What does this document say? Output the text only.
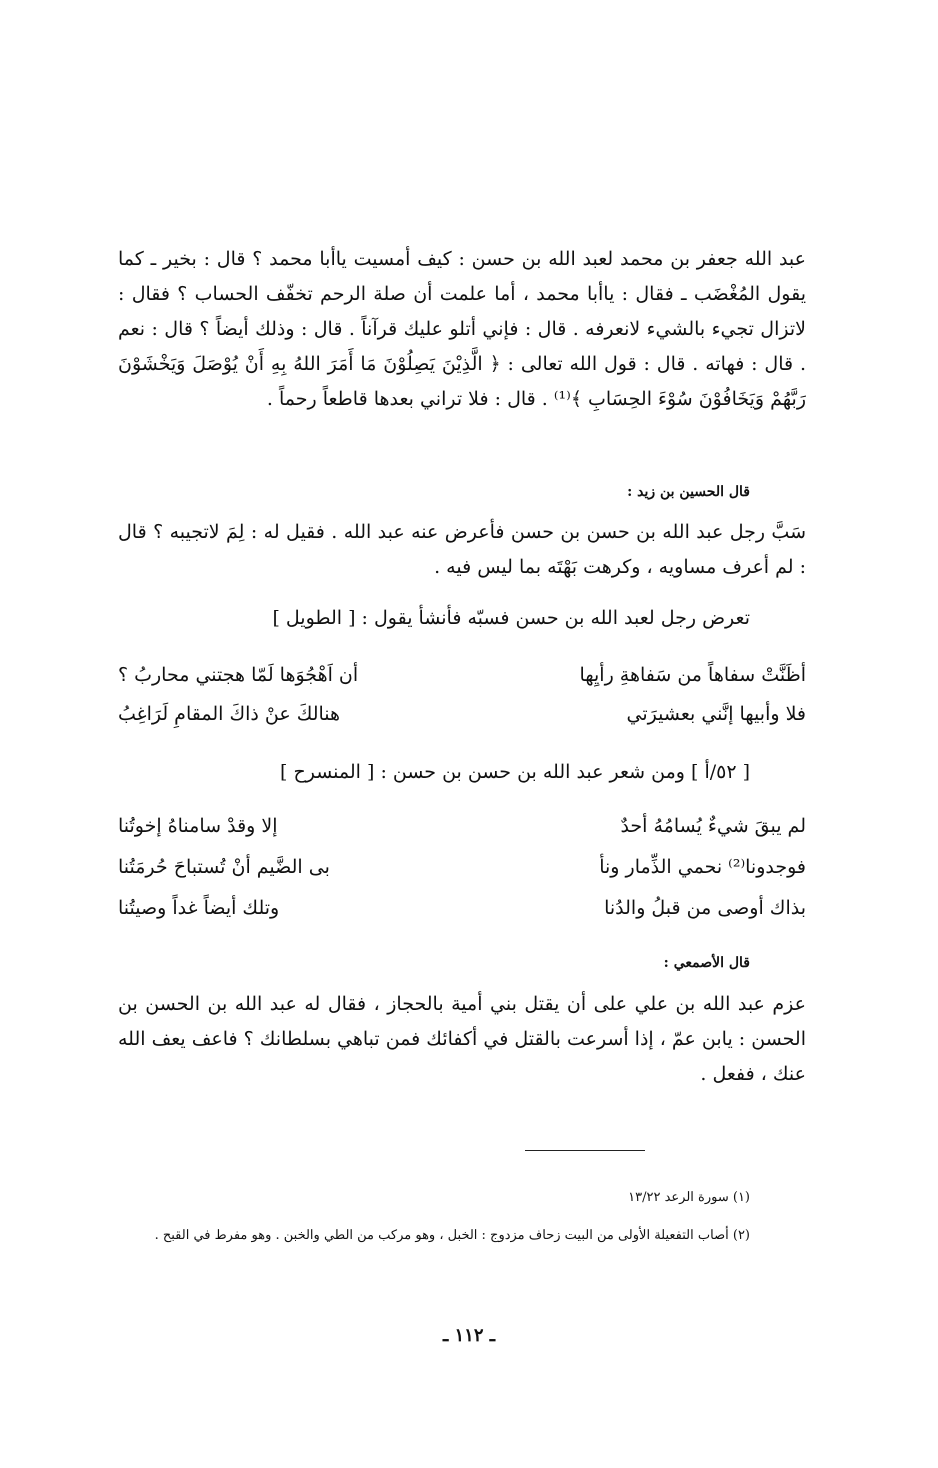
عبد الله جعفر بن محمد لعبد الله بن حسن : كيف أمسيت ياأبا محمد ؟ قال : بخير ـ كما يقول المُغْضَب ـ فقال : ياأبا محمد ، أما علمت أن صلة الرحم تخفّف الحساب ؟ فقال : لاتزال تجيء بالشيء لانعرفه . قال : فإني أتلو عليك قرآناً . قال : وذلك أيضاً ؟ قال : نعم . قال : فهاته . قال : قول الله تعالى : ﴿ الَّذِيْنَ يَصِلُوْنَ مَا أَمَرَ اللهُ بِهِ أَنْ يُوْصَلَ وَيَخْشَوْنَ رَبَّهُمْ وَيَخَافُوْنَ سُوْءَ الحِسَابِ ﴾⁽¹⁾ . قال : فلا تراني بعدها قاطعاً رحماً .

قال الحسين بن زيد :

سَبَّ رجل عبد الله بن حسن بن حسن فأعرض عنه عبد الله . فقيل له : لِمَ لاتجيبه ؟ قال : لم أعرف مساويه ، وكرهت بَهْتَه بما ليس فيه .

تعرض رجل لعبد الله بن حسن فسبّه فأنشأ يقول : [ الطويل ]
أظَنَّتْ سفاهاً من سَفاهةِ رأيِها
أن اَهْجُوَها لَمّا هجتني محاربُ ؟
فلا وأبيها إنَّني بعشيرَتي
هنالكَ عنْ ذاكَ المقامِ لَرَاغِبُ
[ ٥٢/أ ] ومن شعر عبد الله بن حسن بن حسن : [ المنسرح ]
لم يبقَ شيءٌ يُسامُهُ أحدٌ
إلا وقدْ سامناهُ إخوتُنا
فوجدونا⁽²⁾ نحمي الذِّمار ونأ
بى الضَّيم أنْ تُستباحَ حُرمَتُنا
بذاك أوصى من قبلُ والدُنا
وتلك أيضاً غداً وصيتُنا
قال الأصمعي :

عزم عبد الله بن علي على أن يقتل بني أمية بالحجاز ، فقال له عبد الله بن الحسن بن الحسن : يابن عمّ ، إذا أسرعت بالقتل في أكفائك فمن تباهي بسلطانك ؟ فاعف يعف الله عنك ، ففعل .

(١) سورة الرعد ١٣/٢٢
(٢) أصاب التفعيلة الأولى من البيت زحاف مزدوج : الخبل ، وهو مركب من الطي والخبن . وهو مفرط في القبح .
ـ ١١٢ ـ
